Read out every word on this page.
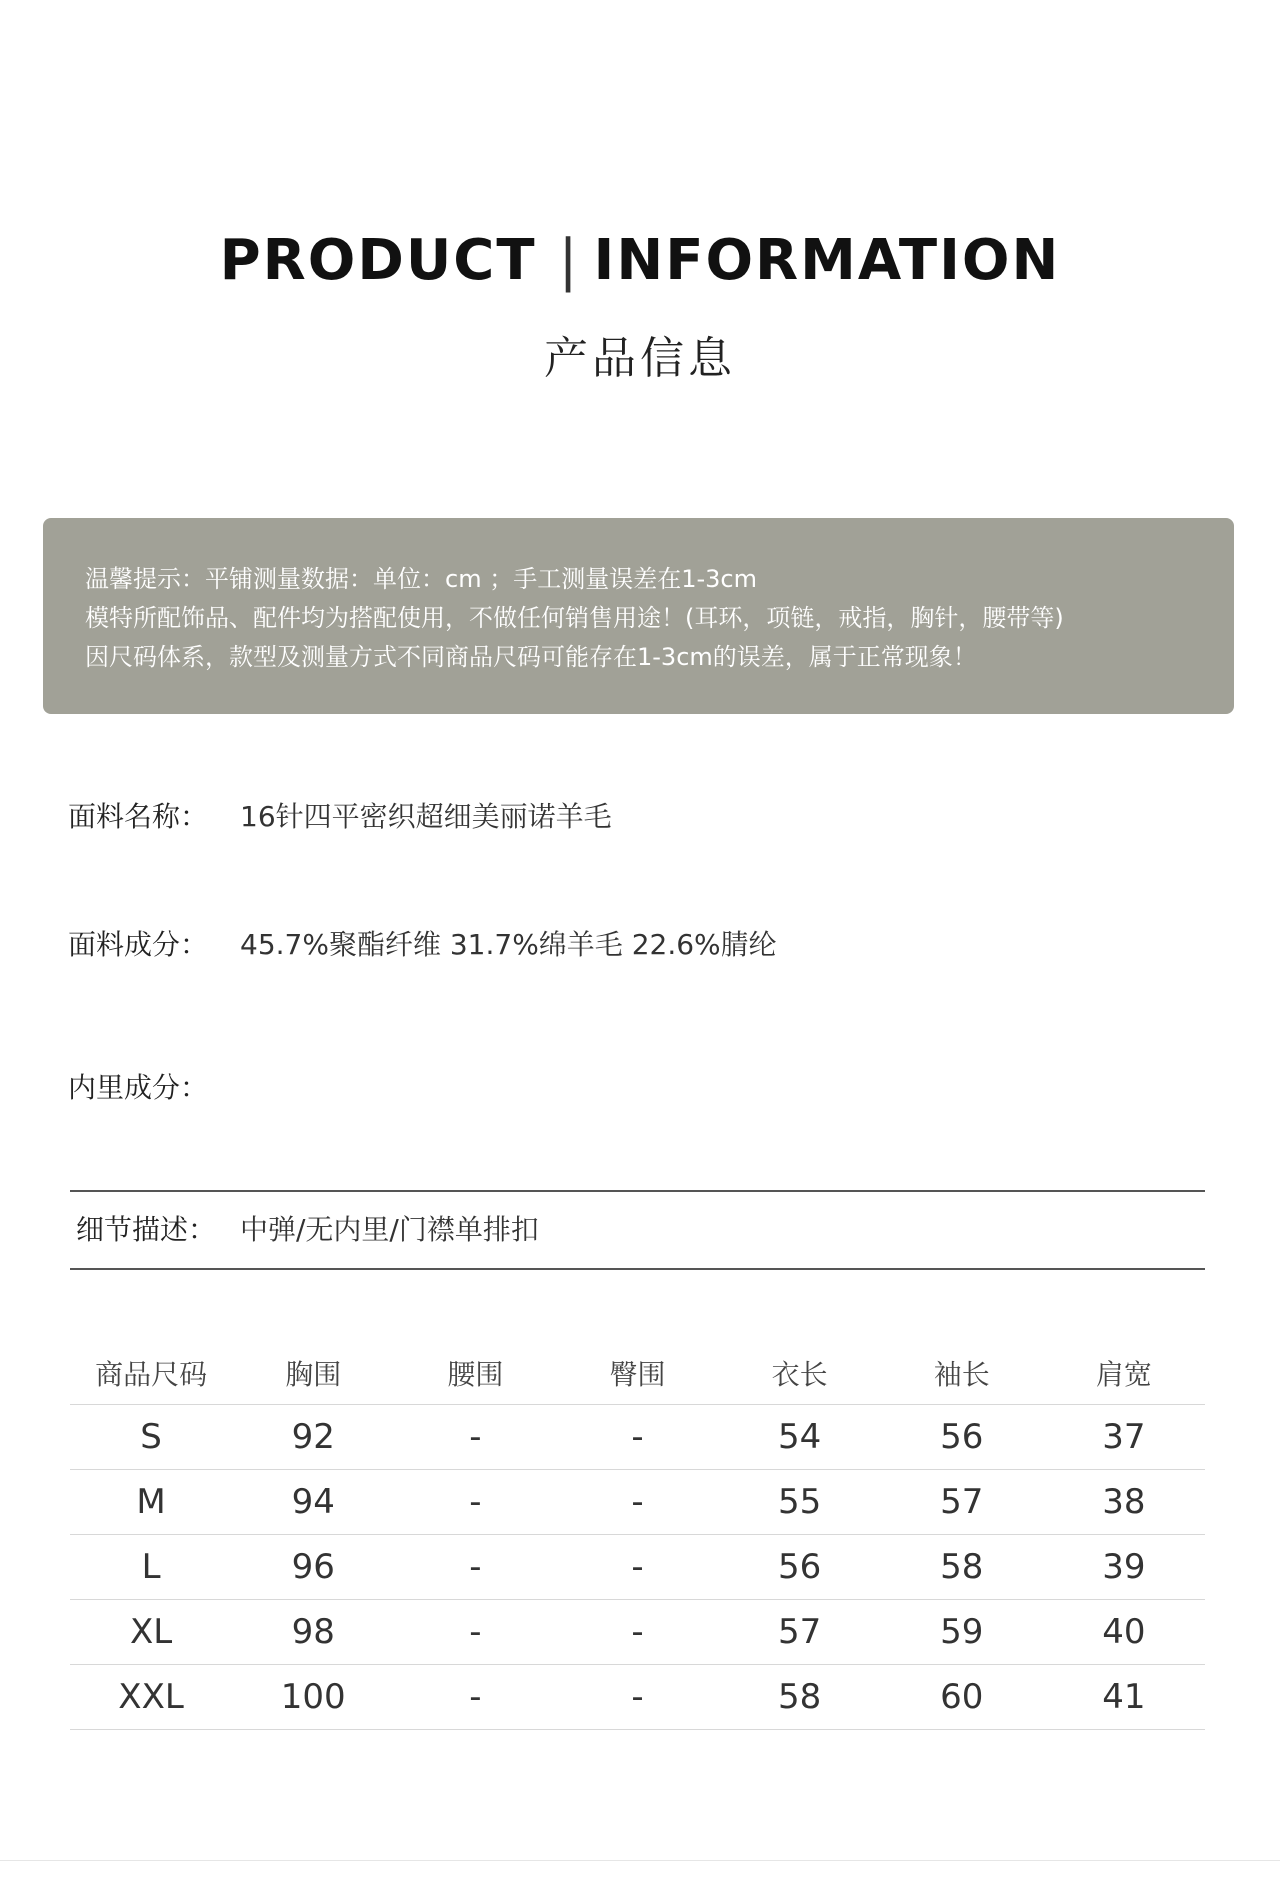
PRODUCT | INFORMATION
产品信息
温馨提示：平铺测量数据：单位：cm ；手工测量误差在1-3cm
模特所配饰品、配件均为搭配使用，不做任何销售用途！(耳环，项链，戒指，胸针，腰带等)
因尺码体系，款型及测量方式不同商品尺码可能存在1-3cm的误差，属于正常现象！
面料名称： 16针四平密织超细美丽诺羊毛
面料成分： 45.7%聚酯纤维 31.7%绵羊毛 22.6%腈纶
内里成分：
细节描述： 中弹/无内里/门襟单排扣
商品尺码	胸围	腰围	臀围	衣长	袖长	肩宽
S	92	-	-	54	56	37
M	94	-	-	55	57	38
L	96	-	-	56	58	39
XL	98	-	-	57	59	40
XXL	100	-	-	58	60	41
